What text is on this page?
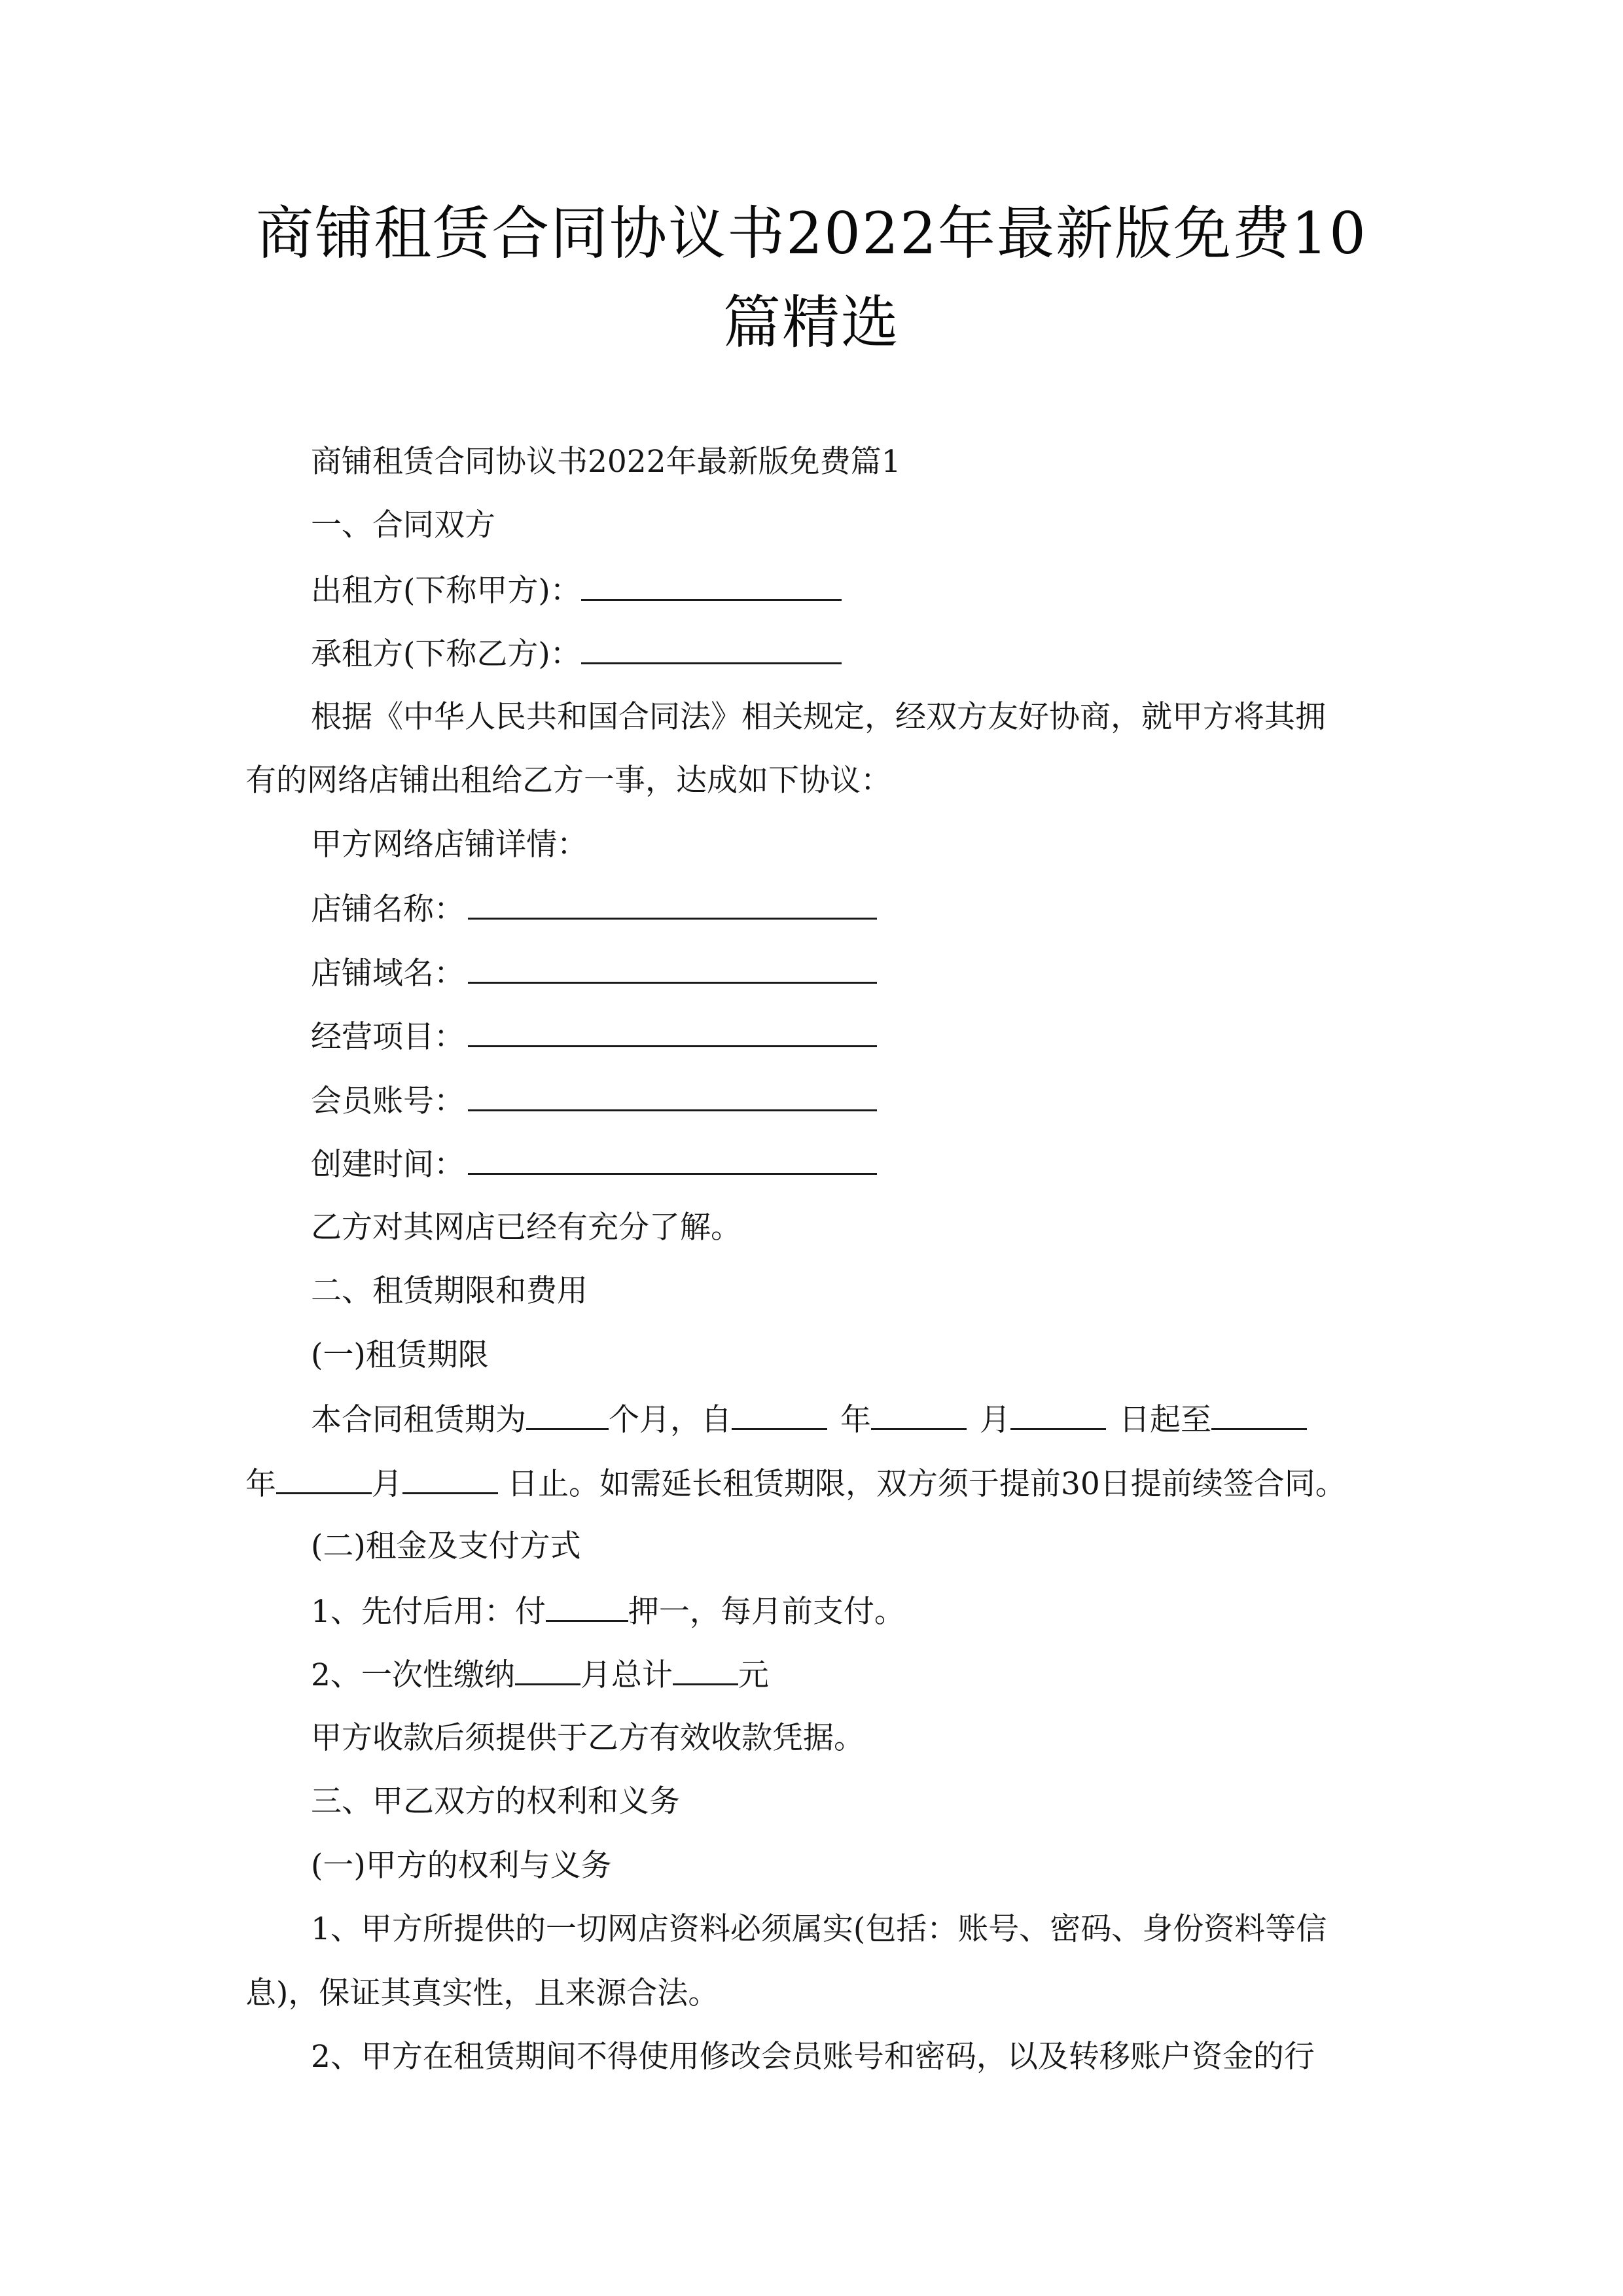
商铺租赁合同协议书2022年最新版免费10
篇精选
商铺租赁合同协议书2022年最新版免费篇1
一、合同双方
出租方(下称甲方)：
承租方(下称乙方)：
根据《中华人民共和国合同法》相关规定，经双方友好协商，就甲方将其拥
有的网络店铺出租给乙方一事，达成如下协议：
甲方网络店铺详情：
店铺名称：
店铺域名：
经营项目：
会员账号：
创建时间：
乙方对其网店已经有充分了解。
二、租赁期限和费用
(一)租赁期限
本合同租赁期为	个月，自	年	月	日起至
年	月	日止。如需延长租赁期限，双方须于提前30日提前续签合同。
(二)租金及支付方式
1、先付后用：付	押一，每月前支付。
2、一次性缴纳 月总计 元
甲方收款后须提供于乙方有效收款凭据。
三、甲乙双方的权利和义务
(一)甲方的权利与义务
1、甲方所提供的一切网店资料必须属实(包括：账号、密码、身份资料等信
息)，保证其真实性，且来源合法。
2、甲方在租赁期间不得使用修改会员账号和密码，以及转移账户资金的行
